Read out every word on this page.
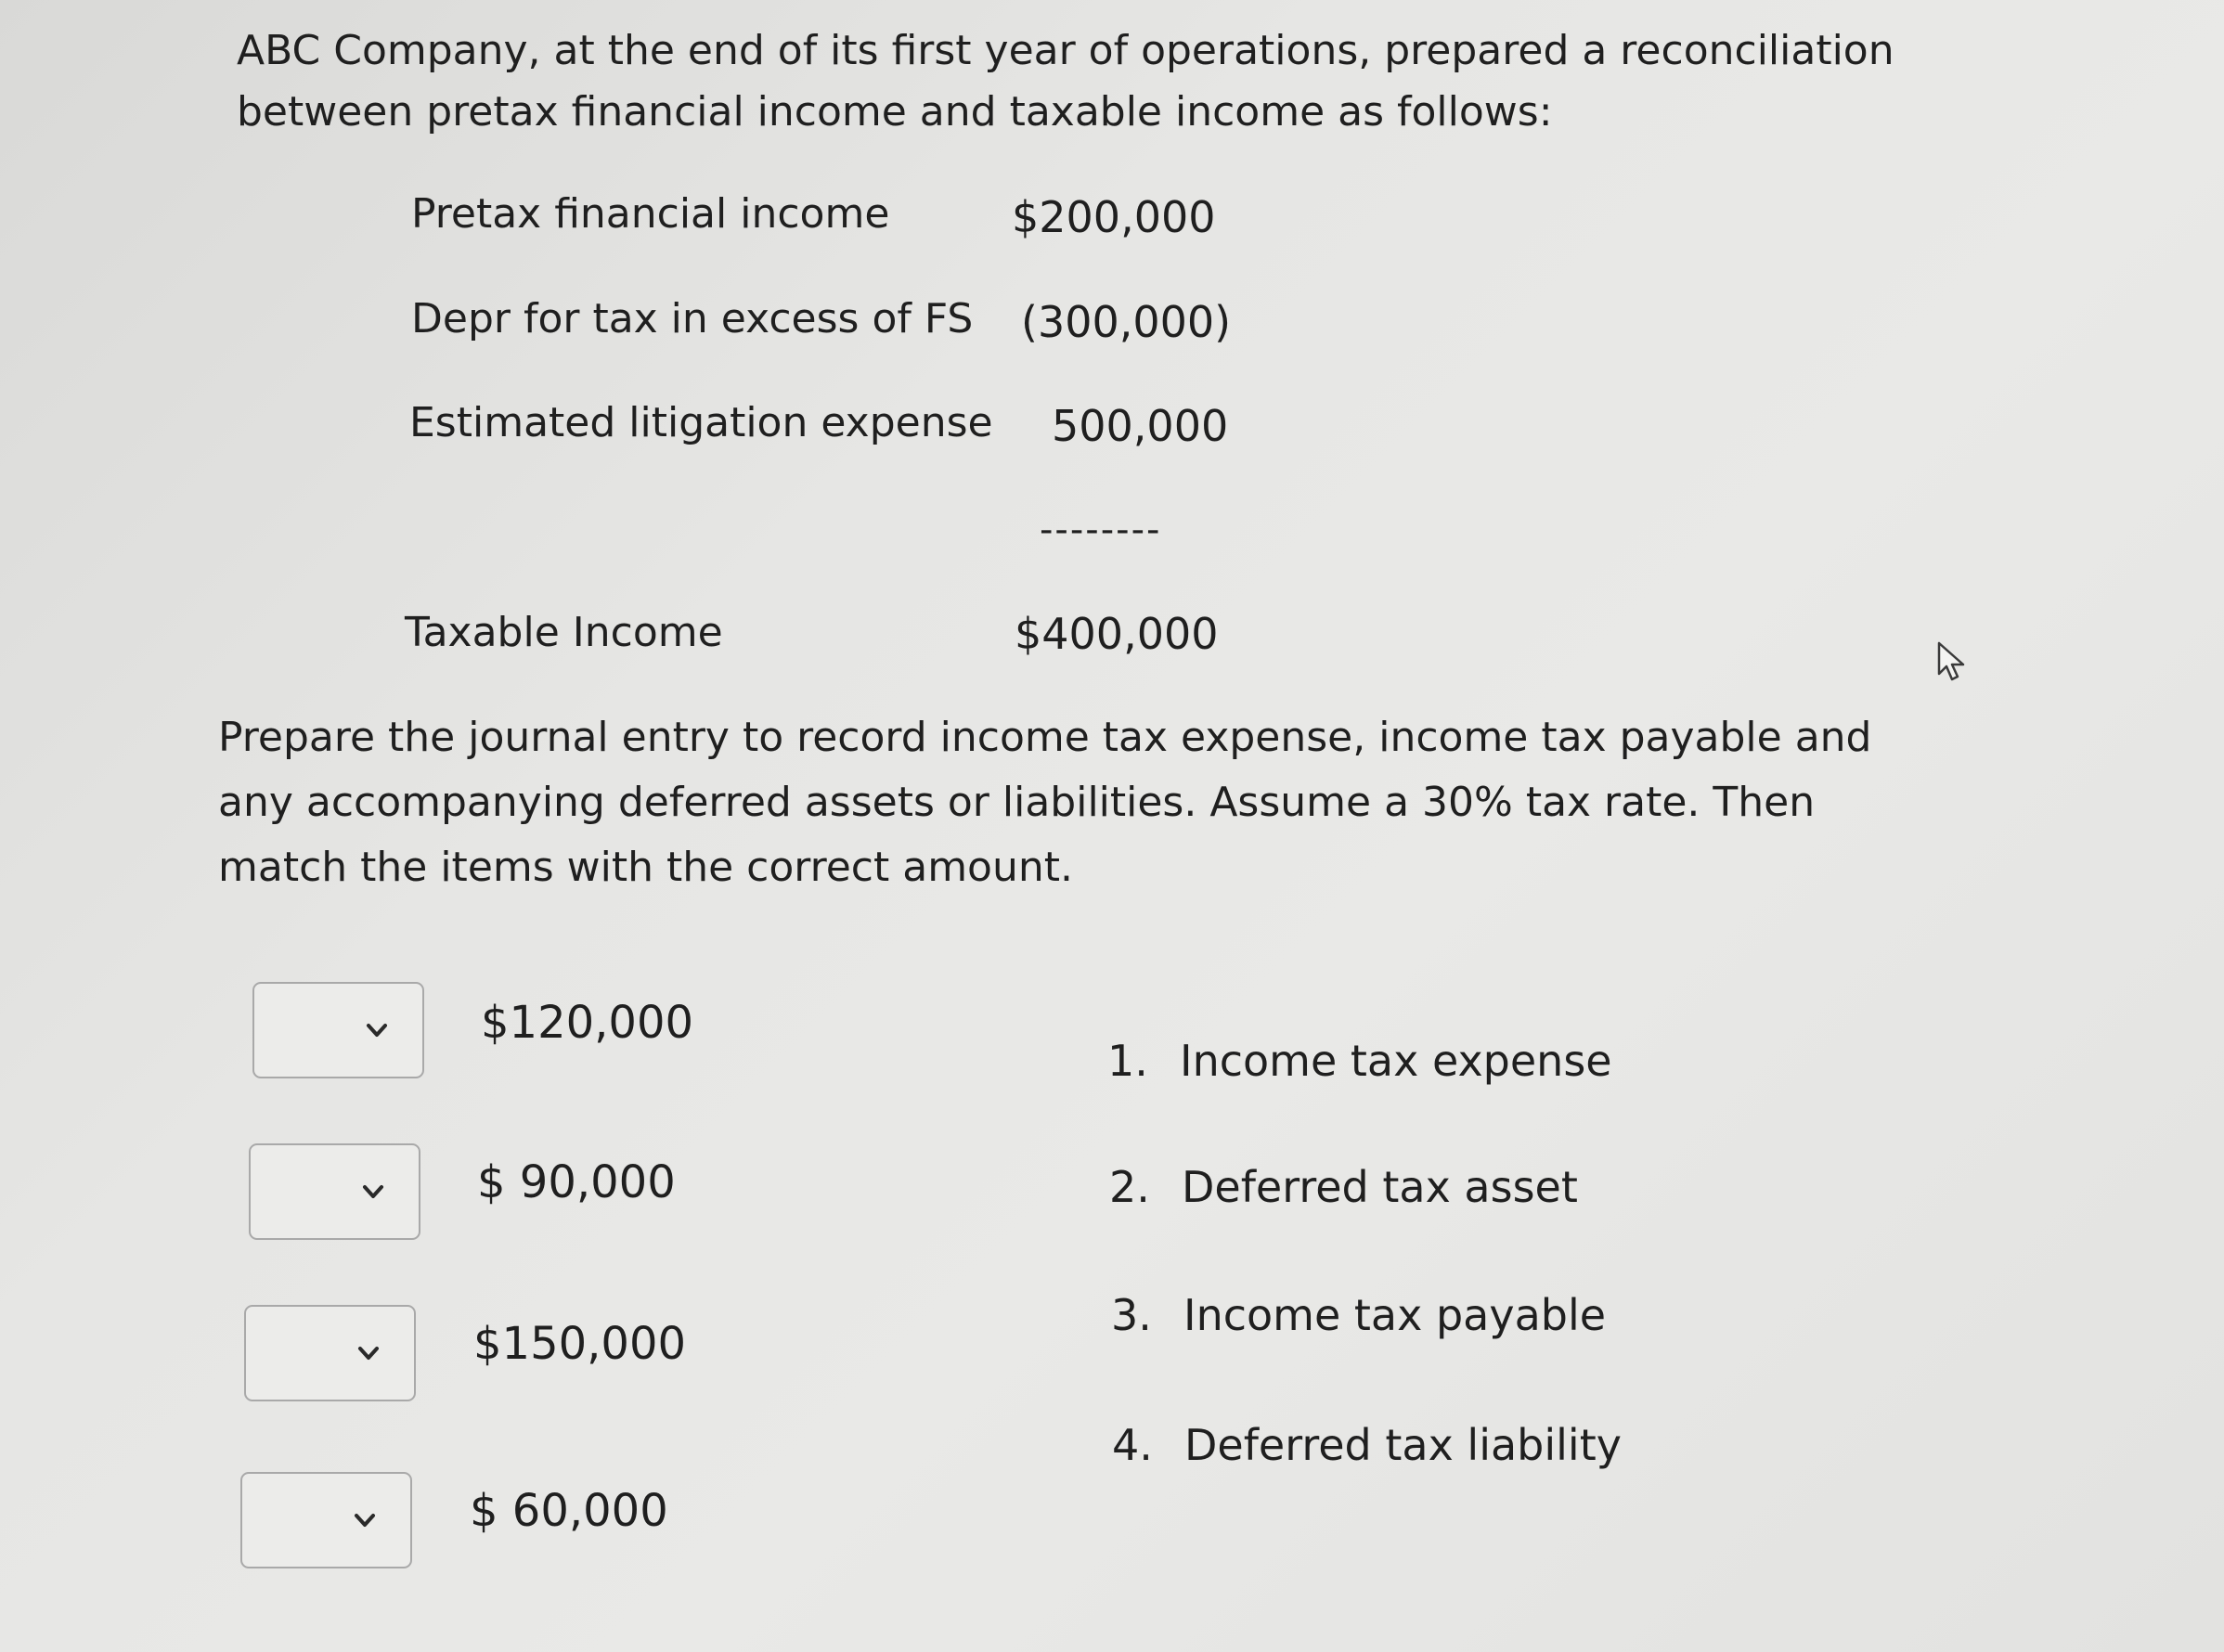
ABC Company, at the end of its first year of operations, prepared a reconciliation between pretax financial income and taxable income as follows:
Pretax financial income	$200,000
Depr for tax in excess of FS (300,000)
Estimated litigation expense 500,000
--------
Taxable Income	$400,000
Prepare the journal entry to record income tax expense, income tax payable and any accompanying deferred assets or liabilities. Assume a 30% tax rate. Then match the items with the correct amount.
$120,000
$ 90,000
$150,000
$ 60,000
1. Income tax expense
2. Deferred tax asset
3. Income tax payable
4. Deferred tax liability
